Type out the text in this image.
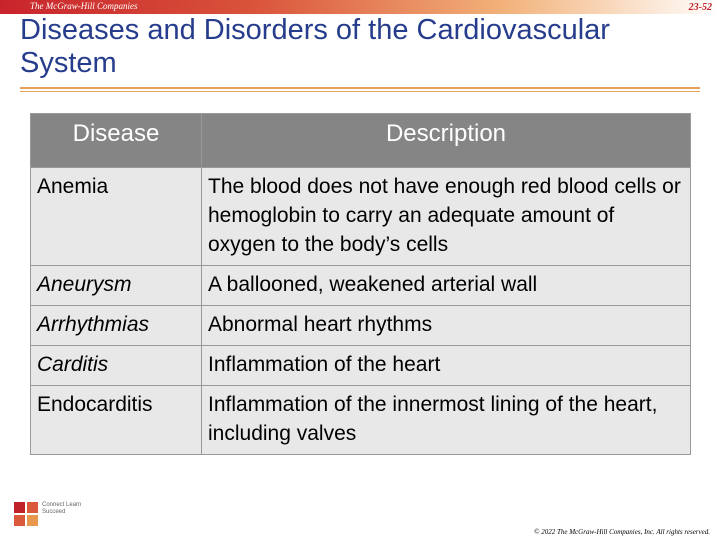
The McGraw-Hill Companies	23-52
Diseases and Disorders of the Cardiovascular System
Disease	Description
Anemia	The blood does not have enough red blood cells or hemoglobin to carry an adequate amount of oxygen to the body’s cells
Aneurysm	A ballooned, weakened arterial wall
Arrhythmias	Abnormal heart rhythms
Carditis	Inflammation of the heart
Endocarditis	Inflammation of the innermost lining of the heart, including valves
Connect Learn Succeed
© 2022 The McGraw-Hill Companies, Inc. All rights reserved.
